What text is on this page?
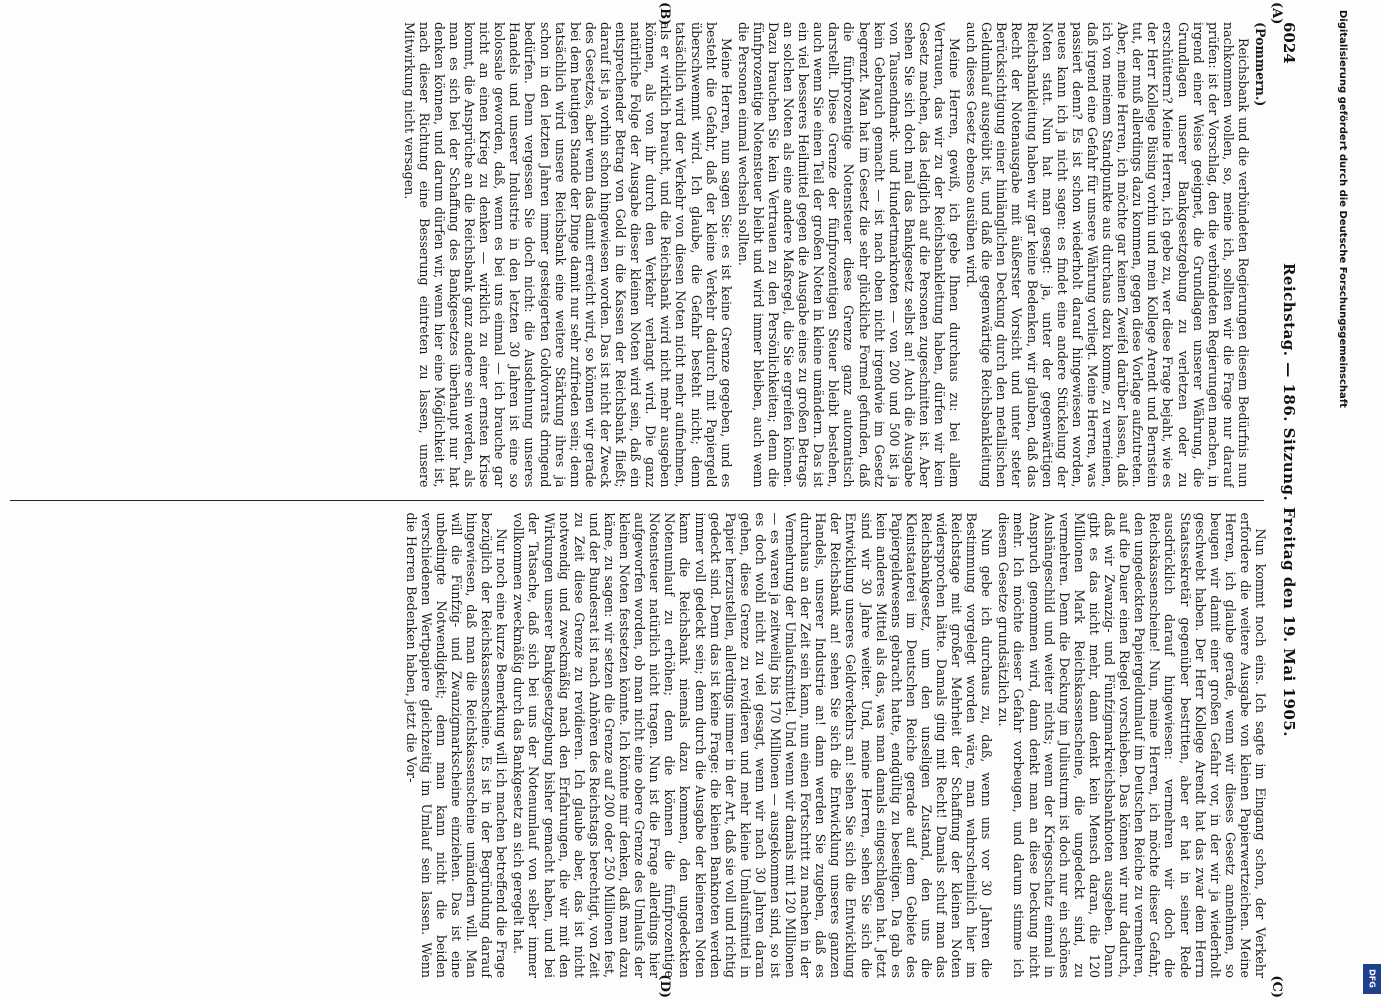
6024
Reichstag. — 186. Sitzung. Freitag den 19. Mai 1905.
(A)
(B)
(C)
(D)

(Pommern.)

Reichsbank und die verbündeten Regierungen diesem Bedürfnis nun nachkommen wollen, so, meine ich, sollten wir die Frage nur darauf prüfen: ist der Vorschlag, den die verbündeten Regierungen machen, in irgend einer Weise geeignet, die Grundlagen unserer Währung, die Grundlagen unserer Bankgesetzgebung zu verletzen oder zu erschüttern? Meine Herren, ich gebe zu, wer diese Frage bejaht, wie es der Herr Kollege Büsing vorhin und mein Kollege Arendt und Bernstein tut, der muß allerdings dazu kommen, gegen diese Vorlage aufzutreten. Aber, meine Herren, ich möchte gar keinen Zweifel darüber lassen, daß ich von meinem Standpunkte aus durchaus dazu komme, zu verneinen, daß irgend eine Gefahr für unsere Währung vorliegt. Meine Herren, was passiert denn? Es ist schon wiederholt darauf hingewiesen worden, neues kann ich ja nicht sagen: es findet eine andere Stückelung der Noten statt. Nun hat man gesagt: ja, unter der gegenwärtigen Reichsbankleitung haben wir gar keine Bedenken, wir glauben, daß das Recht der Notenausgabe mit äußerster Vorsicht und unter steter Berücksichtigung einer hinlänglichen Deckung durch den metallischen Geldumlauf ausgeübt ist, und daß die gegenwärtige Reichsbankleitung auch dieses Gesetz ebenso ausüben wird.

Meine Herren, gewiß, ich gebe Ihnen durchaus zu: bei allem Vertrauen, das wir zu der Reichsbankleitung haben, dürfen wir kein Gesetz machen, das lediglich auf die Personen zugeschnitten ist. Aber sehen Sie sich doch mal das Bankgesetz selbst an! Auch die Ausgabe von Tausendmark- und Hundertmarknoten — von 200 und 500 ist ja kein Gebrauch gemacht — ist nach oben nicht irgendwie im Gesetz begrenzt. Man hat im Gesetz die sehr glückliche Formel gefunden, daß die fünfprozentige Notensteuer diese Grenze ganz automatisch darstellt. Diese Grenze der fünfprozentigen Steuer bleibt bestehen, auch wenn Sie einen Teil der großen Noten in kleine umändern. Das ist ein viel besseres Heilmittel gegen die Ausgabe eines zu großen Betrags an solchen Noten als eine andere Maßregel, die Sie ergreifen können. Dazu brauchen Sie kein Vertrauen zu den Persönlichkeiten; denn die fünfprozentige Notensteuer bleibt und wird immer bleiben, auch wenn die Personen einmal wechseln sollten.

Meine Herren, nun sagen Sie: es ist keine Grenze gegeben, und es besteht die Gefahr, daß der kleine Verkehr dadurch mit Papiergeld überschwemmt wird. Ich glaube, die Gefahr besteht nicht; denn tatsächlich wird der Verkehr von diesen Noten nicht mehr aufnehmen, als er wirklich braucht, und die Reichsbank wird nicht mehr ausgeben können, als von ihr durch den Verkehr verlangt wird. Die ganz natürliche Folge der Ausgabe dieser kleinen Noten wird sein, daß ein entsprechender Betrag von Gold in die Kassen der Reichsbank fließt; darauf ist ja vorhin schon hingewiesen worden. Das ist nicht der Zweck des Gesetzes, aber wenn das damit erreicht wird, so können wir gerade bei dem heutigen Stande der Dinge damit nur sehr zufrieden sein; denn tatsächlich wird unsere Reichsbank eine weitere Stärkung ihres ja schon in den letzten Jahren immer gesteigerten Goldvorrats dringend bedürfen. Denn vergessen Sie doch nicht: die Ausdehnung unseres Handels und unserer Industrie in den letzten 30 Jahren ist eine so kolossale geworden, daß, wenn es bei uns einmal — ich brauche gar nicht an einen Krieg zu denken — wirklich zu einer ernsten Krise kommt, die Ansprüche an die Reichsbank ganz andere sein werden, als man es sich bei der Schaffung des Bankgesetzes überhaupt nur hat denken können, und darum dürfen wir, wenn hier eine Möglichkeit ist, nach dieser Richtung eine Besserung eintreten zu lassen, unsere Mitwirkung nicht versagen.

Nun kommt noch eins. Ich sagte im Eingang schon, der Verkehr erfordere die weitere Ausgabe von kleinen Papierwertzeichen. Meine Herren, ich glaube gerade, wenn wir dieses Gesetz annehmen, so beugen wir damit einer großen Gefahr vor, in der wir ja wiederholt geschwebt haben. Der Herr Kollege Arendt hat das zwar dem Herrn Staatssekretär gegenüber bestritten, aber er hat in seiner Rede ausdrücklich darauf hingewiesen: vermehren wir doch die Reichskassenscheine! Nun, meine Herren, ich möchte dieser Gefahr, den ungedeckten Papiergeldumlauf im Deutschen Reiche zu vermehren, auf die Dauer einen Riegel vorschieben. Das können wir nur dadurch, daß wir Zwanzig- und Fünfzigmarkreichsbanknoten ausgeben. Dann gibt es das nicht mehr, dann denkt kein Mensch daran, die 120 Millionen Mark Reichskassenscheine, die ungedeckt sind, zu vermehren. Denn die Deckung im Juliusturm ist doch nur ein schönes Aushängeschild und weiter nichts; wenn der Kriegsschatz einmal in Anspruch genommen wird, dann denkt man an diese Deckung nicht mehr. Ich möchte dieser Gefahr vorbeugen, und darum stimme ich diesem Gesetze grundsätzlich zu.

Nun gebe ich durchaus zu, daß, wenn uns vor 30 Jahren die Bestimmung vorgelegt worden wäre, man wahrscheinlich hier im Reichstage mit großer Mehrheit der Schaffung der kleinen Noten widersprochen hätte. Damals ging mit Recht! Damals schuf man das Reichsbankgesetz, um den unseligen Zustand, den uns die Kleinstaaterei im Deutschen Reiche gerade auf dem Gebiete des Papiergeldwesens gebracht hatte, endgültig zu beseitigen. Da gab es kein anderes Mittel als das, was man damals eingeschlagen hat. Jetzt sind wir 30 Jahre weiter. Und, meine Herren, sehen Sie sich die Entwicklung unseres Geldverkehrs an! sehen Sie sich die Entwicklung der Reichsbank an! sehen Sie sich die Entwicklung unseres ganzen Handels, unserer Industrie an! dann werden Sie zugeben, daß es durchaus an der Zeit sein kann, nun einen Fortschritt zu machen in der Vermehrung der Umlaufsmittel. Und wenn wir damals mit 120 Millionen — es waren ja zeitweilig bis 170 Millionen — ausgekommen sind, so ist es doch wohl nicht zu viel gesagt, wenn wir nach 30 Jahren daran gehen, diese Grenze zu revidieren und mehr kleine Umlaufsmittel in Papier herzustellen, allerdings immer in der Art, daß sie voll und richtig gedeckt sind. Denn das ist keine Frage: die kleinen Banknoten werden immer voll gedeckt sein; denn durch die Ausgabe der kleineren Noten kann die Reichsbank niemals dazu kommen, den ungedeckten Notenumlauf zu erhöhen; denn die können die fünfprozentige Notensteuer natürlich nicht tragen. Nun ist die Frage allerdings hier aufgeworfen worden, ob man nicht eine obere Grenze des Umlaufs der kleinen Noten festsetzen könnte. Ich könnte mir denken, daß man dazu käme, zu sagen: wir setzen die Grenze auf 200 oder 250 Millionen fest, und der Bundesrat ist nach Anhören des Reichstags berechtigt, von Zeit zu Zeit diese Grenze zu revidieren. Ich glaube aber, das ist nicht notwendig und zweckmäßig nach den Erfahrungen, die wir mit den Wirkungen unserer Bankgesetzgebung bisher gemacht haben, und bei der Tatsache, daß sich bei uns der Notenumlauf von selber immer vollkommen zweckmäßig durch das Bankgesetz an sich geregelt hat.

Nur noch eine kurze Bemerkung will ich machen betreffend die Frage bezüglich der Reichskassenscheine. Es ist in der Begründung darauf hingewiesen, daß man die Reichskassenscheine umändern will. Man will die Fünfzig- und Zwanzigmarkscheine einziehen. Das ist eine unbedingte Notwendigkeit; denn man kann nicht die beiden verschiedenen Wertpapiere gleichzeitig im Umlauf sein lassen. Wenn die Herren Bedenken haben, jetzt die Vor-

Digitalisierung gefördert durch die Deutsche Forschungsgemeinschaft
DFG
